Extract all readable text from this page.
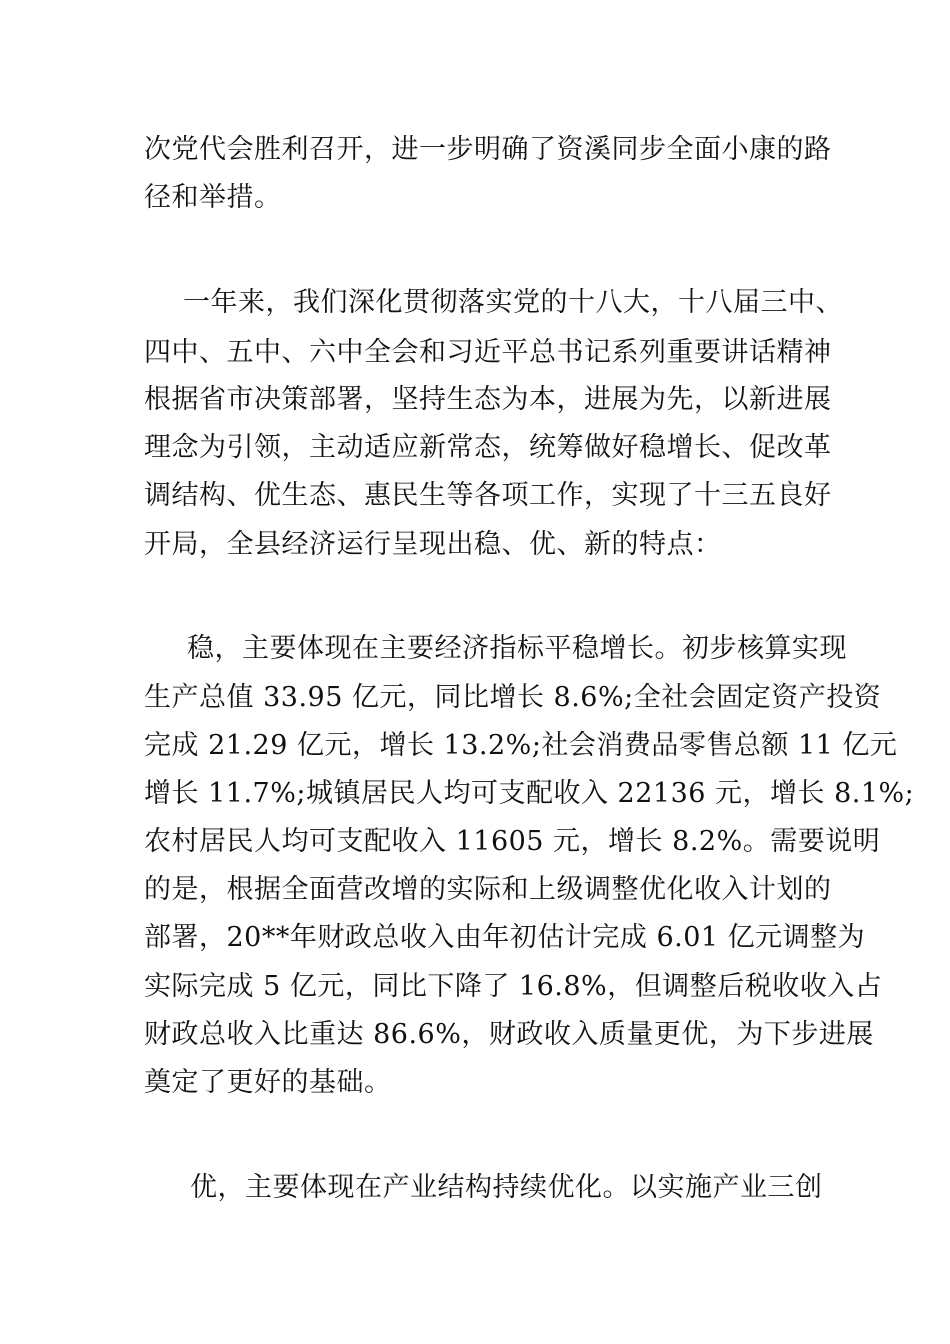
次党代会胜利召开，进一步明确了资溪同步全面小康的路
径和举措。
一年来，我们深化贯彻落实党的十八大，十八届三中、
四中、五中、六中全会和习近平总书记系列重要讲话精神
根据省市决策部署，坚持生态为本，进展为先，以新进展
理念为引领，主动适应新常态，统筹做好稳增长、促改革
调结构、优生态、惠民生等各项工作，实现了十三五良好
开局，全县经济运行呈现出稳、优、新的特点：
稳，主要体现在主要经济指标平稳增长。初步核算实现
生产总值 33.95 亿元，同比增长 8.6%;全社会固定资产投资
完成 21.29 亿元，增长 13.2%;社会消费品零售总额 11 亿元
增长 11.7%;城镇居民人均可支配收入 22136 元，增长 8.1%;
农村居民人均可支配收入 11605 元，增长 8.2%。需要说明
的是，根据全面营改增的实际和上级调整优化收入计划的
部署，20**年财政总收入由年初估计完成 6.01 亿元调整为
实际完成 5 亿元，同比下降了 16.8%，但调整后税收收入占
财政总收入比重达 86.6%，财政收入质量更优，为下步进展
奠定了更好的基础。
优，主要体现在产业结构持续优化。以实施产业三创
